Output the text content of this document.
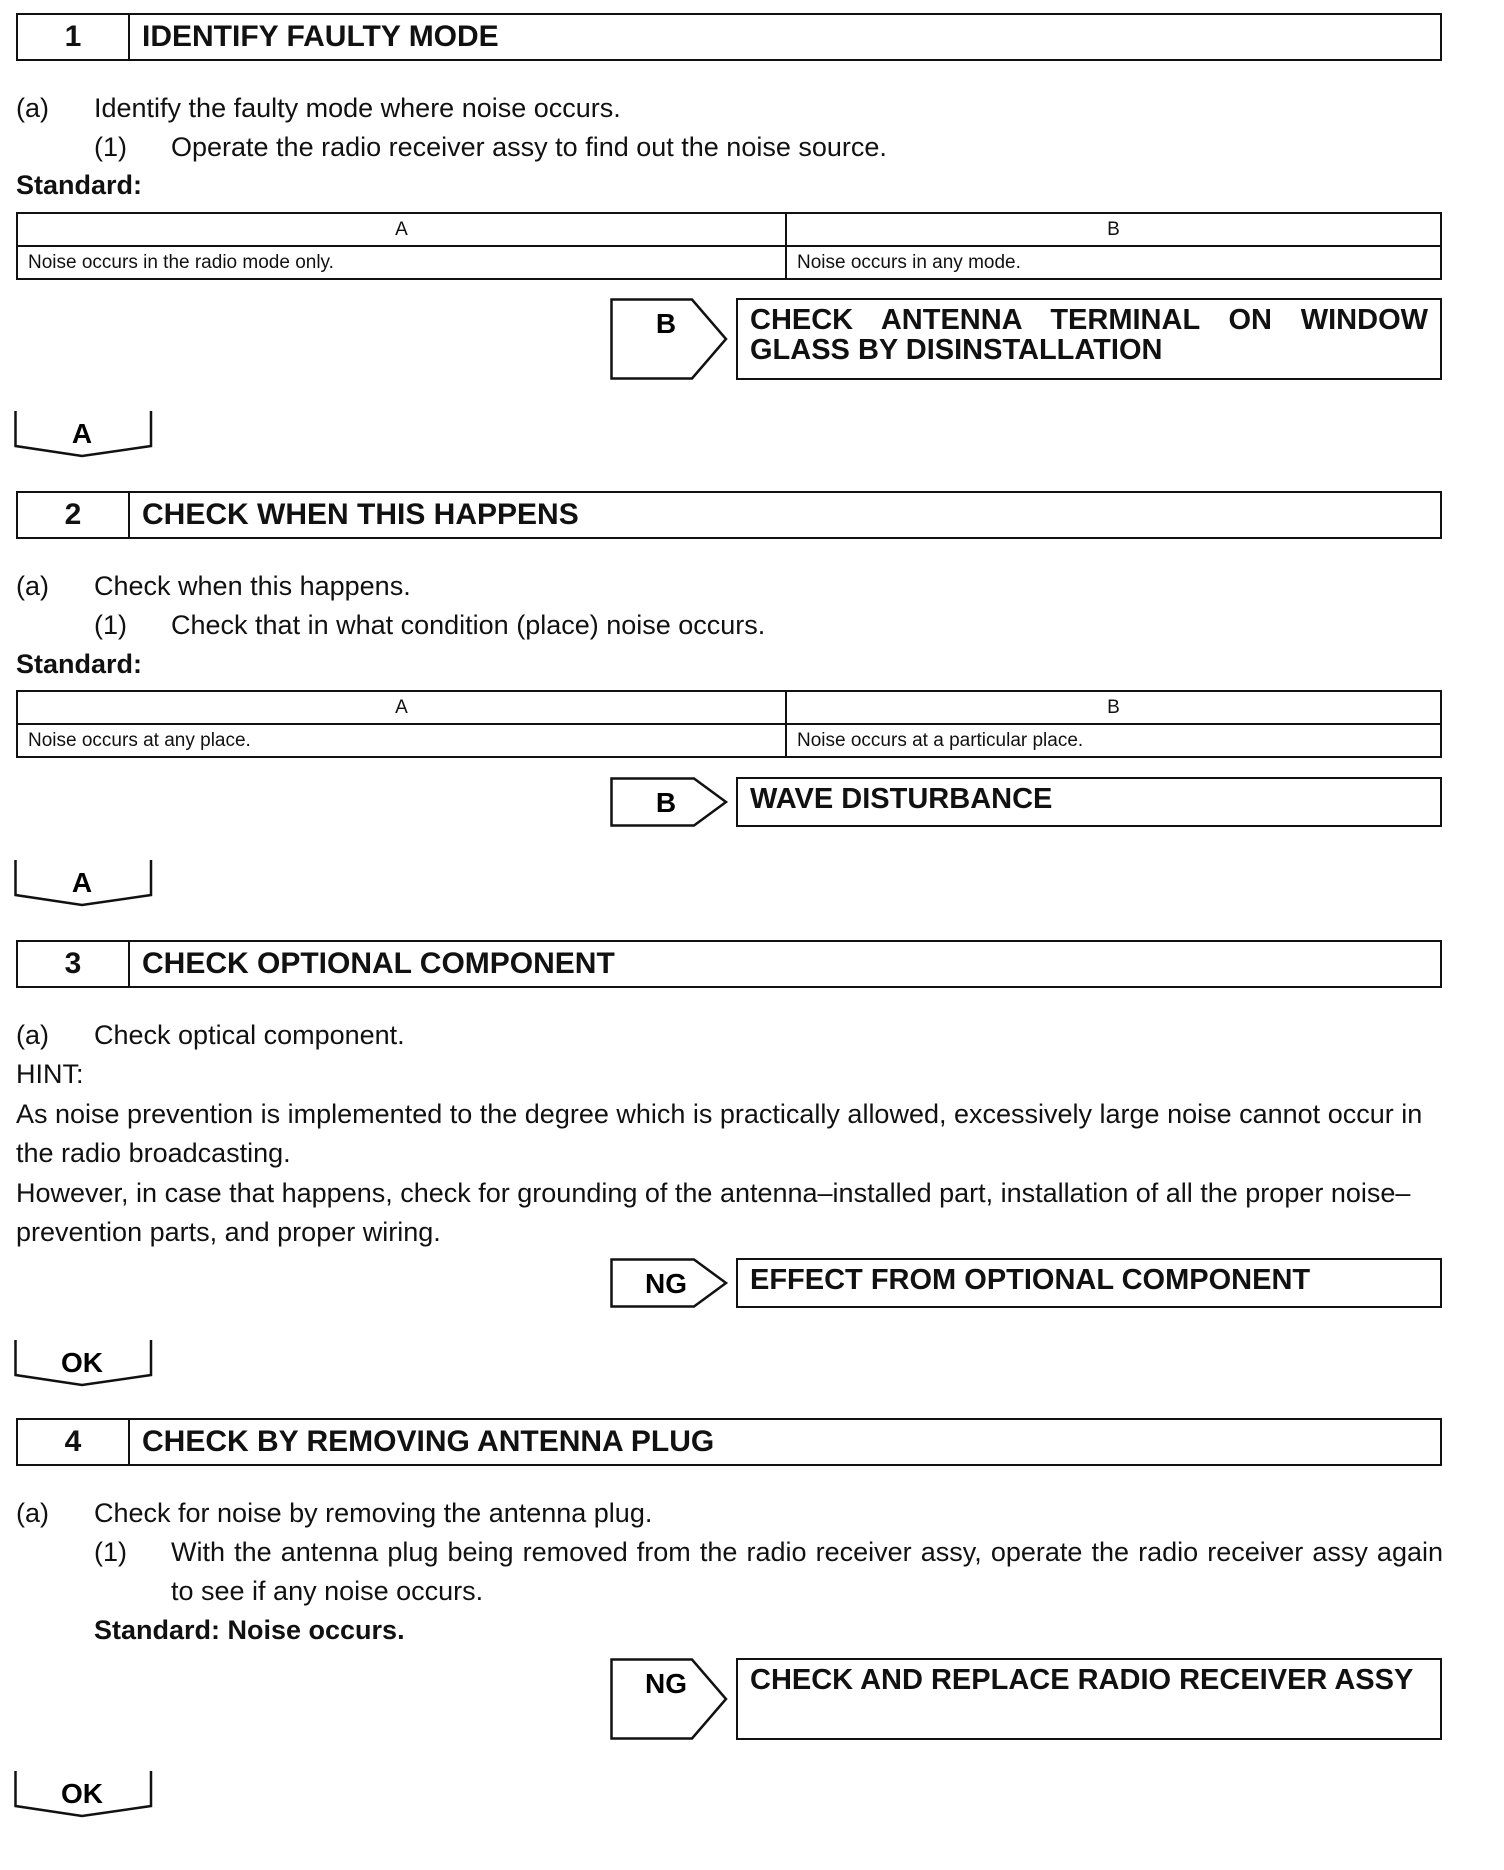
1	IDENTIFY FAULTY MODE
(a) Identify the faulty mode where noise occurs.
(1) Operate the radio receiver assy to find out the noise source.
Standard:
A	B
Noise occurs in the radio mode only.	Noise occurs in any mode.
B	CHECK ANTENNA TERMINAL ON WINDOW GLASS BY DISINSTALLATION
A
2	CHECK WHEN THIS HAPPENS
(a) Check when this happens.
(1) Check that in what condition (place) noise occurs.
Standard:
A	B
Noise occurs at any place.	Noise occurs at a particular place.
B	WAVE DISTURBANCE
A
3	CHECK OPTIONAL COMPONENT
(a) Check optical component.
HINT:
As noise prevention is implemented to the degree which is practically allowed, excessively large noise cannot occur in the radio broadcasting.
However, in case that happens, check for grounding of the antenna–installed part, installation of all the proper noise–prevention parts, and proper wiring.
NG	EFFECT FROM OPTIONAL COMPONENT
OK
4	CHECK BY REMOVING ANTENNA PLUG
(a) Check for noise by removing the antenna plug.
(1) With the antenna plug being removed from the radio receiver assy, operate the radio receiver assy again to see if any noise occurs.
Standard: Noise occurs.
NG	CHECK AND REPLACE RADIO RECEIVER ASSY
OK
